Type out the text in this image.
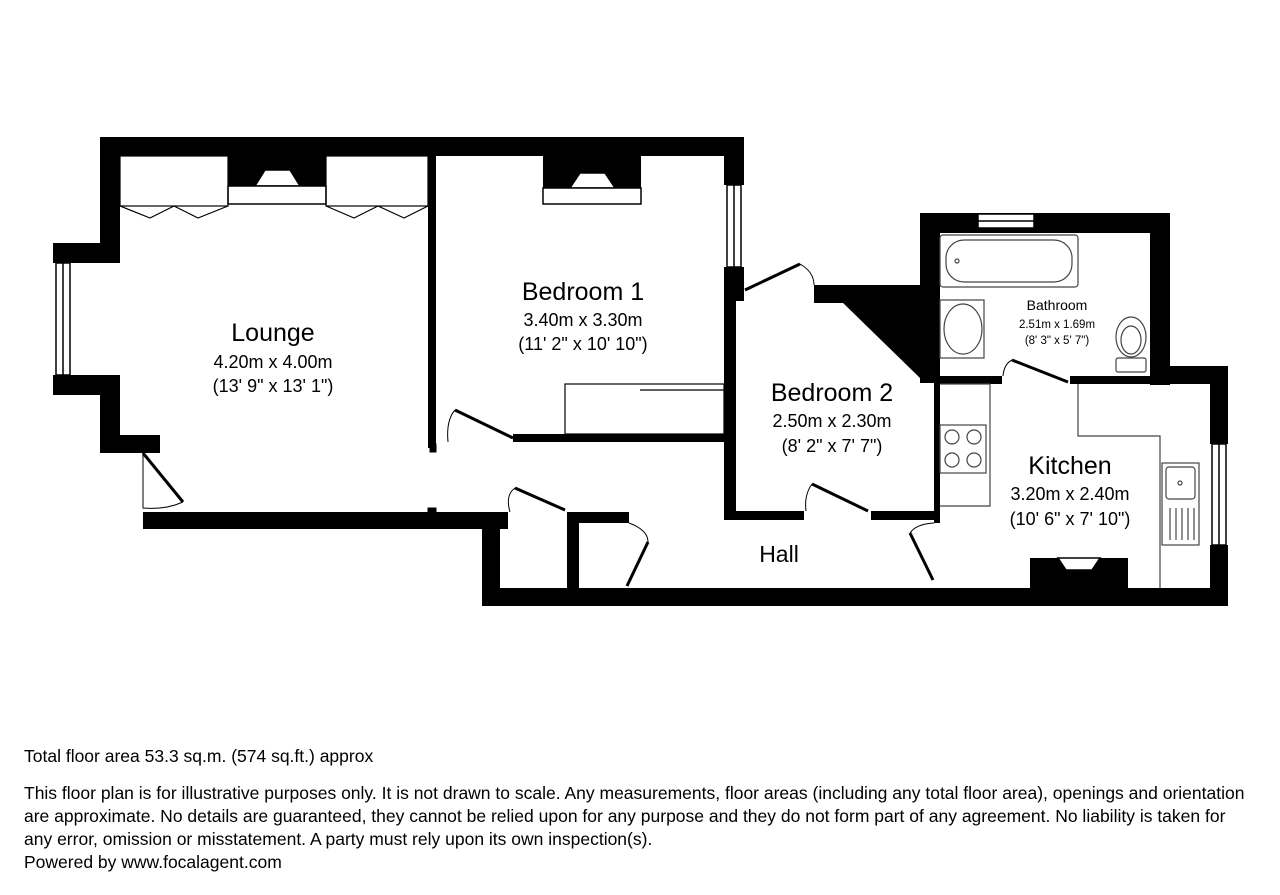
Lounge
4.20m x 4.00m
(13' 9" x 13' 1")
Bedroom 1
3.40m x 3.30m
(11' 2" x 10' 10")
Bedroom 2
2.50m x 2.30m
(8' 2" x 7' 7")
Bathroom
2.51m x 1.69m
(8' 3" x 5' 7")
Kitchen
3.20m x 2.40m
(10' 6" x 7' 10")
Hall

Total floor area 53.3 sq.m. (574 sq.ft.) approx

This floor plan is for illustrative purposes only. It is not drawn to scale. Any measurements, floor areas (including any total floor area), openings and orientation are approximate. No details are guaranteed, they cannot be relied upon for any purpose and they do not form part of any agreement. No liability is taken for any error, omission or misstatement. A party must rely upon its own inspection(s).

Powered by www.focalagent.com
